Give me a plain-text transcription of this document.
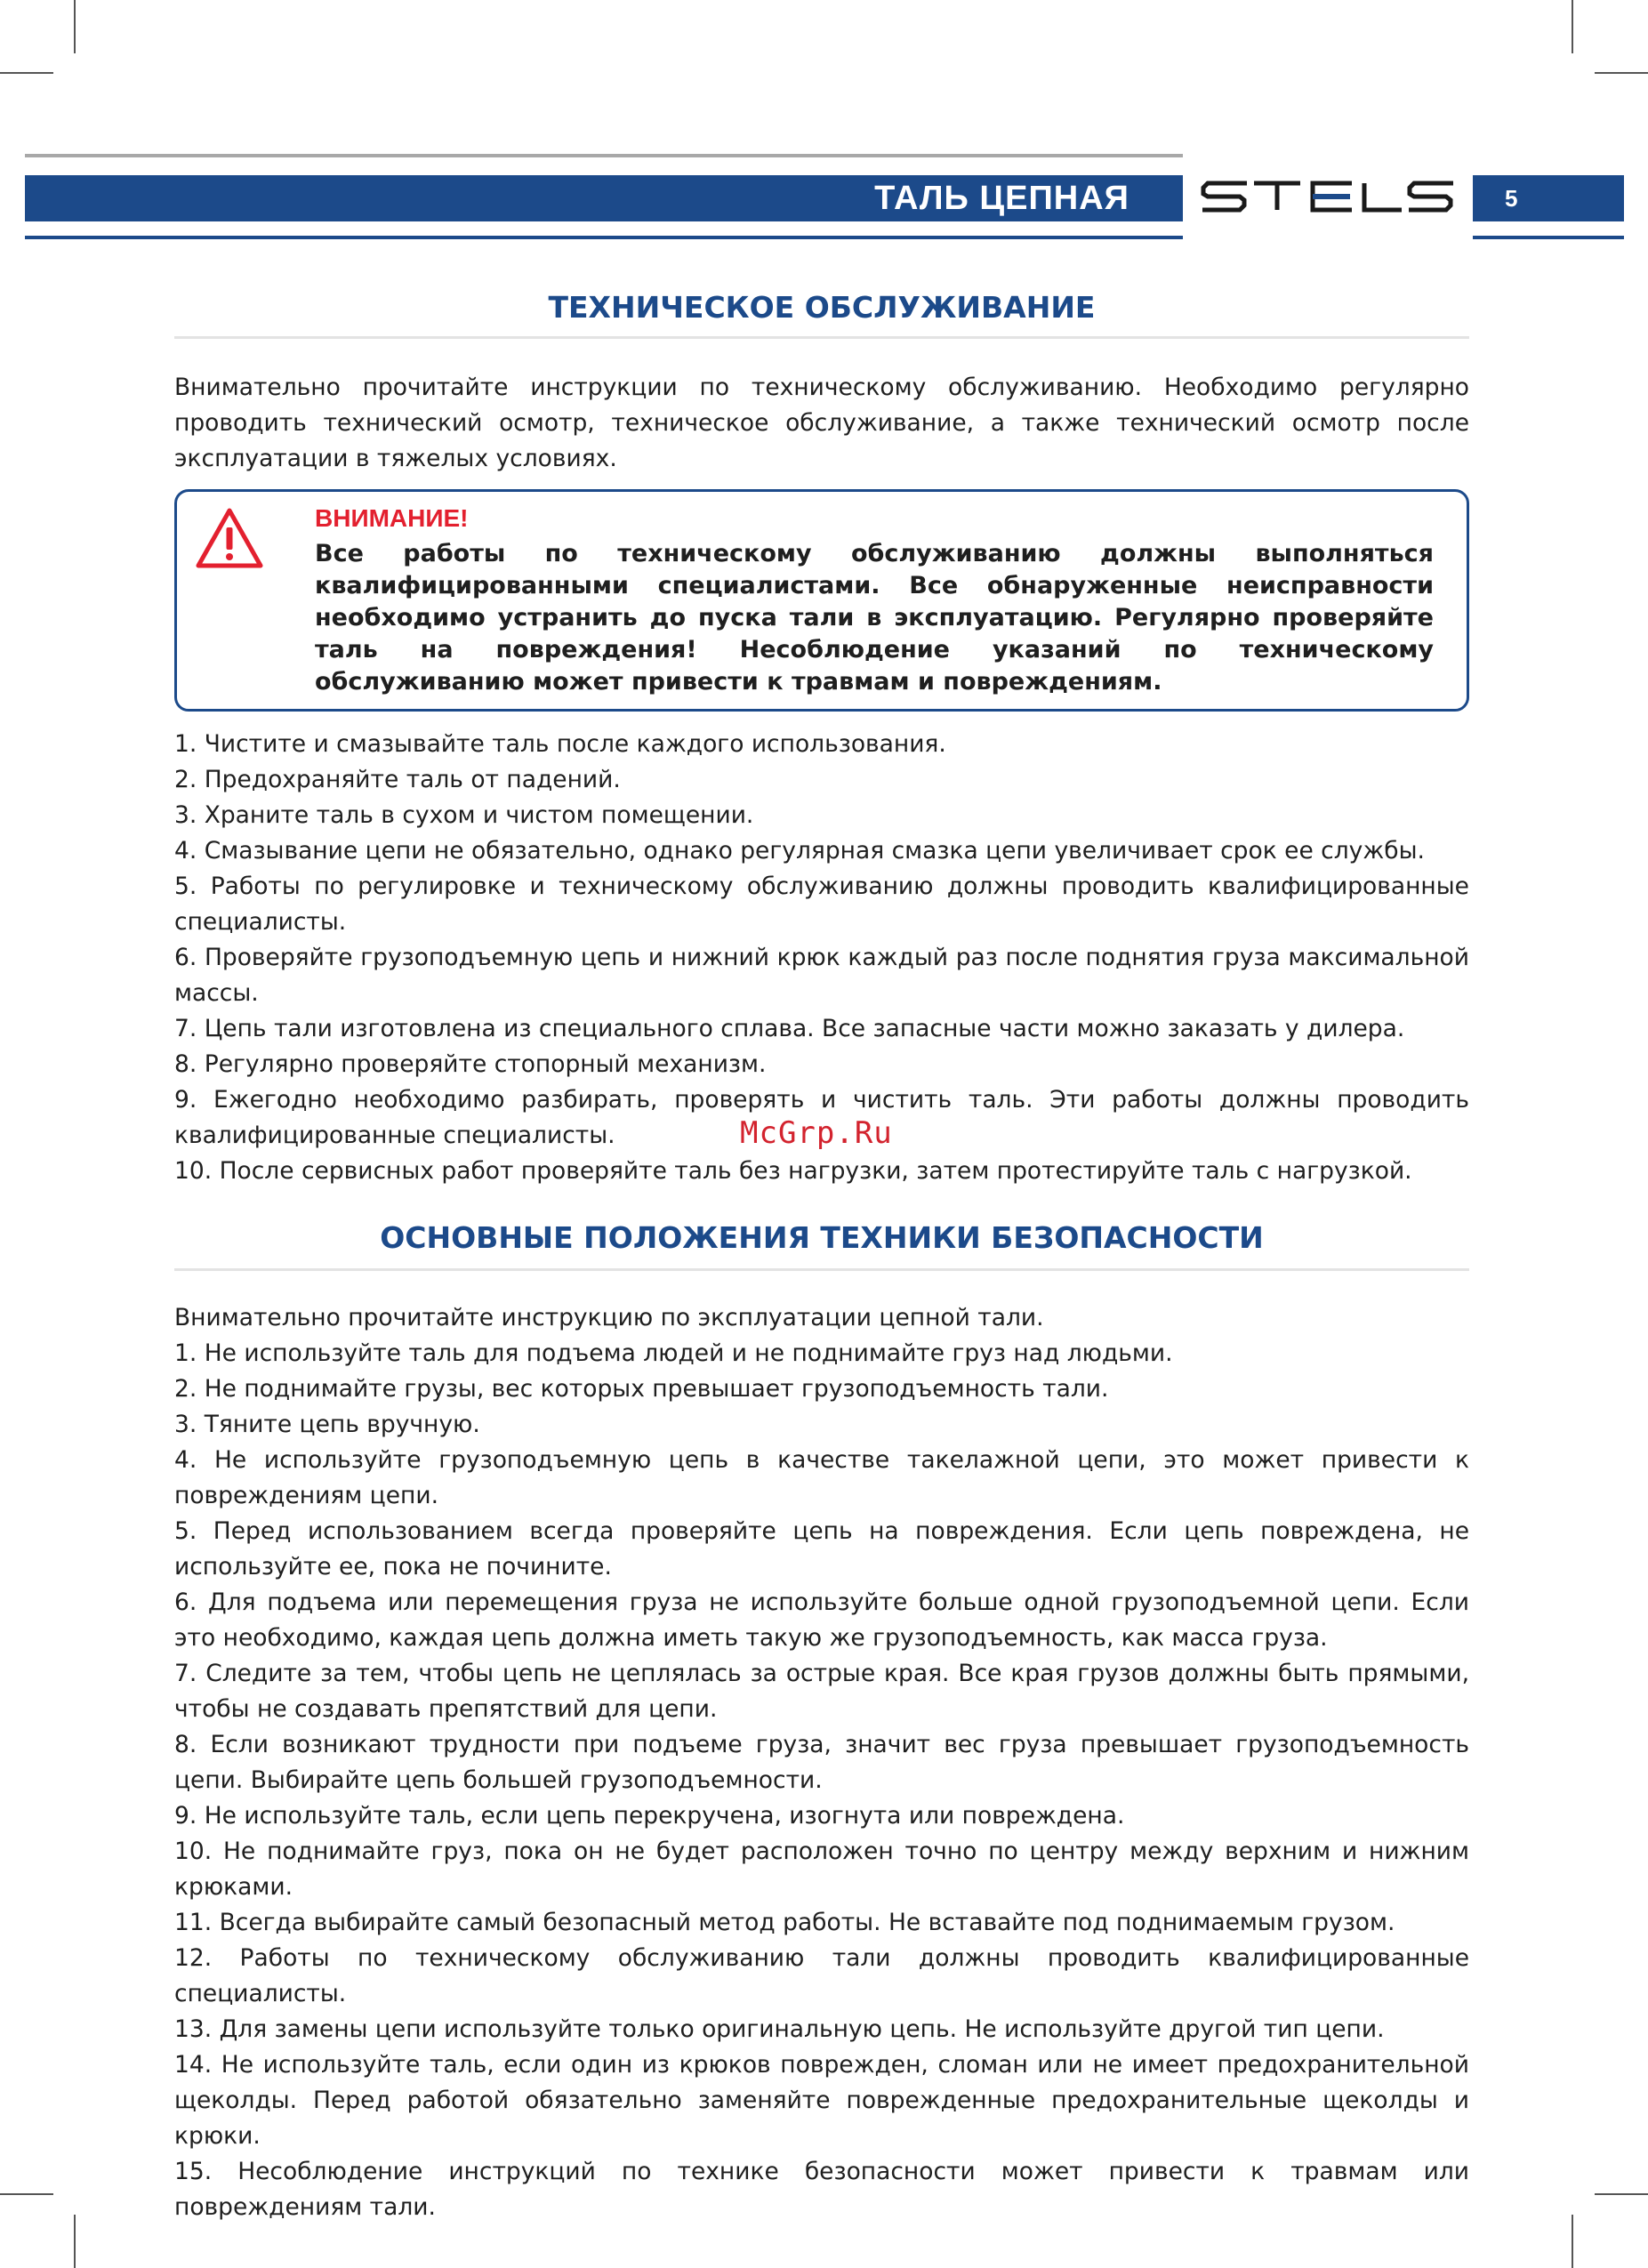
ТАЛЬ ЦЕПНАЯ	5
ТЕХНИЧЕСКОЕ ОБСЛУЖИВАНИЕ

Внимательно прочитайте инструкции по техническому обслуживанию. Необходимо регулярно проводить технический осмотр, техническое обслуживание, а также технический осмотр после эксплуатации в тяжелых условиях.

ВНИМАНИЕ!

Все работы по техническому обслуживанию должны выполняться квалифицированными специалистами. Все обнаруженные неисправности необходимо устранить до пуска тали в эксплуатацию. Регулярно проверяйте таль на повреждения! Несоблюдение указаний по техническому обслуживанию может привести к травмам и повреждениям.

1. Чистите и смазывайте таль после каждого использования.
2. Предохраняйте таль от падений.
3. Храните таль в сухом и чистом помещении.
4. Смазывание цепи не обязательно, однако регулярная смазка цепи увеличивает срок ее службы.
5. Работы по регулировке и техническому обслуживанию должны проводить квалифицированные специалисты.
6. Проверяйте грузоподъемную цепь и нижний крюк каждый раз после поднятия груза максимальной массы.
7. Цепь тали изготовлена из специального сплава. Все запасные части можно заказать у дилера.
8. Регулярно проверяйте стопорный механизм.
9. Ежегодно необходимо разбирать, проверять и чистить таль. Эти работы должны проводить квалифицированные специалисты.
10. После сервисных работ проверяйте таль без нагрузки, затем протестируйте таль с нагрузкой.
McGrp.Ru
ОСНОВНЫЕ ПОЛОЖЕНИЯ ТЕХНИКИ БЕЗОПАСНОСТИ

Внимательно прочитайте инструкцию по эксплуатации цепной тали.

1. Не используйте таль для подъема людей и не поднимайте груз над людьми.
2. Не поднимайте грузы, вес которых превышает грузоподъемность тали.
3. Тяните цепь вручную.
4. Не используйте грузоподъемную цепь в качестве такелажной цепи, это может привести к повреждениям цепи.
5. Перед использованием всегда проверяйте цепь на повреждения. Если цепь повреждена, не используйте ее, пока не почините.
6. Для подъема или перемещения груза не используйте больше одной грузоподъемной цепи. Если это необходимо, каждая цепь должна иметь такую же грузоподъемность, как масса груза.
7. Следите за тем, чтобы цепь не цеплялась за острые края. Все края грузов должны быть прямыми, чтобы не создавать препятствий для цепи.
8. Если возникают трудности при подъеме груза, значит вес груза превышает грузоподъемность цепи. Выбирайте цепь большей грузоподъемности.
9. Не используйте таль, если цепь перекручена, изогнута или повреждена.
10. Не поднимайте груз, пока он не будет расположен точно по центру между верхним и нижним крюками.
11. Всегда выбирайте самый безопасный метод работы. Не вставайте под поднимаемым грузом.
12. Работы по техническому обслуживанию тали должны проводить квалифицированные специалисты.
13. Для замены цепи используйте только оригинальную цепь. Не используйте другой тип цепи.
14. Не используйте таль, если один из крюков поврежден, сломан или не имеет предохранительной щеколды. Перед работой обязательно заменяйте поврежденные предохранительные щеколды и крюки.
15. Несоблюдение инструкций по технике безопасности может привести к травмам или повреждениям тали.
